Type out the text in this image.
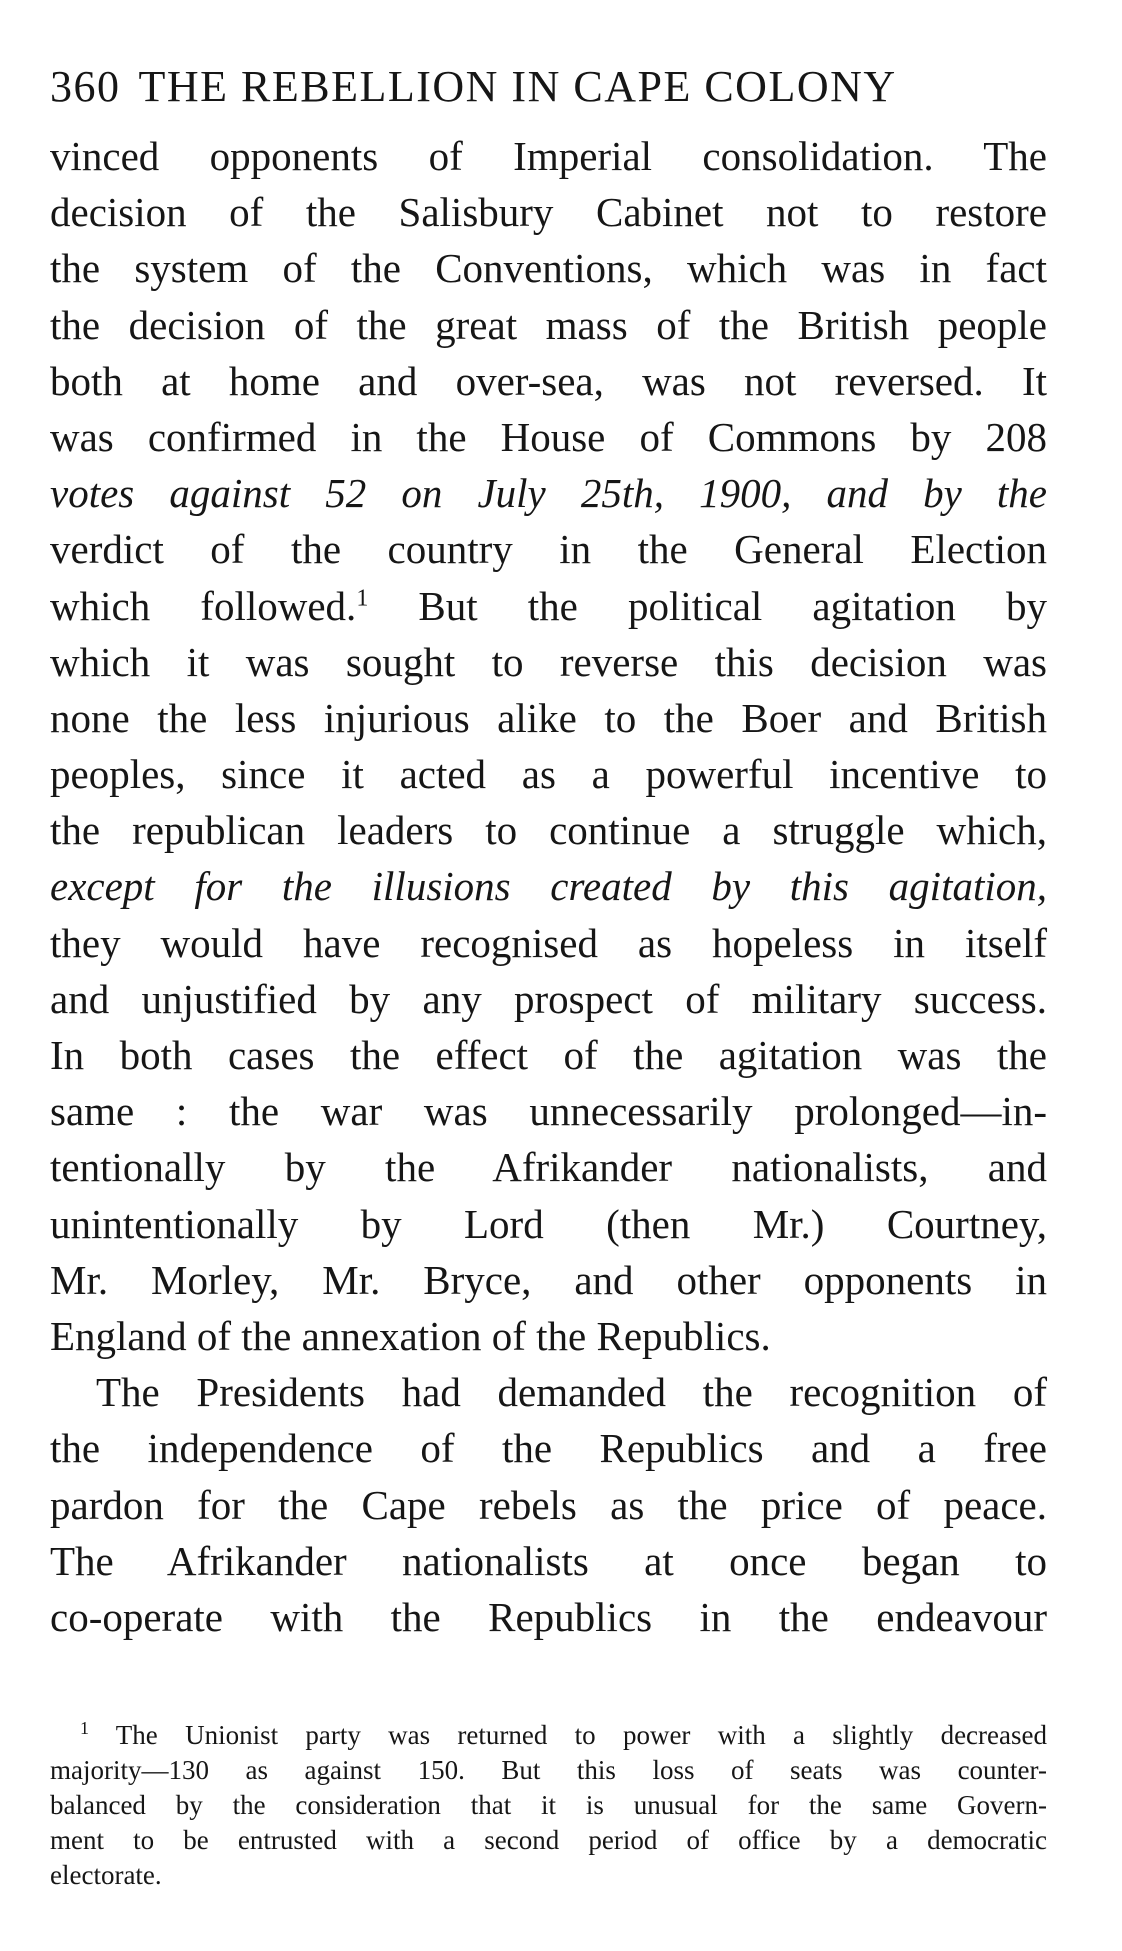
360 THE REBELLION IN CAPE COLONY
vinced opponents of Imperial consolidation. The
decision of the Salisbury Cabinet not to restore
the system of the Conventions, which was in fact
the decision of the great mass of the British people
both at home and over-sea, was not reversed. It
was confirmed in the House of Commons by 208
votes against 52 on July 25th, 1900, and by the
verdict of the country in the General Election
which followed.$^1$ But the political agitation by
which it was sought to reverse this decision was
none the less injurious alike to the Boer and British
peoples, since it acted as a powerful incentive to
the republican leaders to continue a struggle which,
except for the illusions created by this agitation,
they would have recognised as hopeless in itself
and unjustified by any prospect of military success.
In both cases the effect of the agitation was the
same : the war was unnecessarily prolonged—in-
tentionally by the Afrikander nationalists, and
unintentionally by Lord (then Mr.) Courtney,
Mr. Morley, Mr. Bryce, and other opponents in
England of the annexation of the Republics.
The Presidents had demanded the recognition of
the independence of the Republics and a free
pardon for the Cape rebels as the price of peace.
The Afrikander nationalists at once began to
co-operate with the Republics in the endeavour
$^1$ The Unionist party was returned to power with a slightly decreased
majority—130 as against 150. But this loss of seats was counter-
balanced by the consideration that it is unusual for the same Govern-
ment to be entrusted with a second period of office by a democratic
electorate.
